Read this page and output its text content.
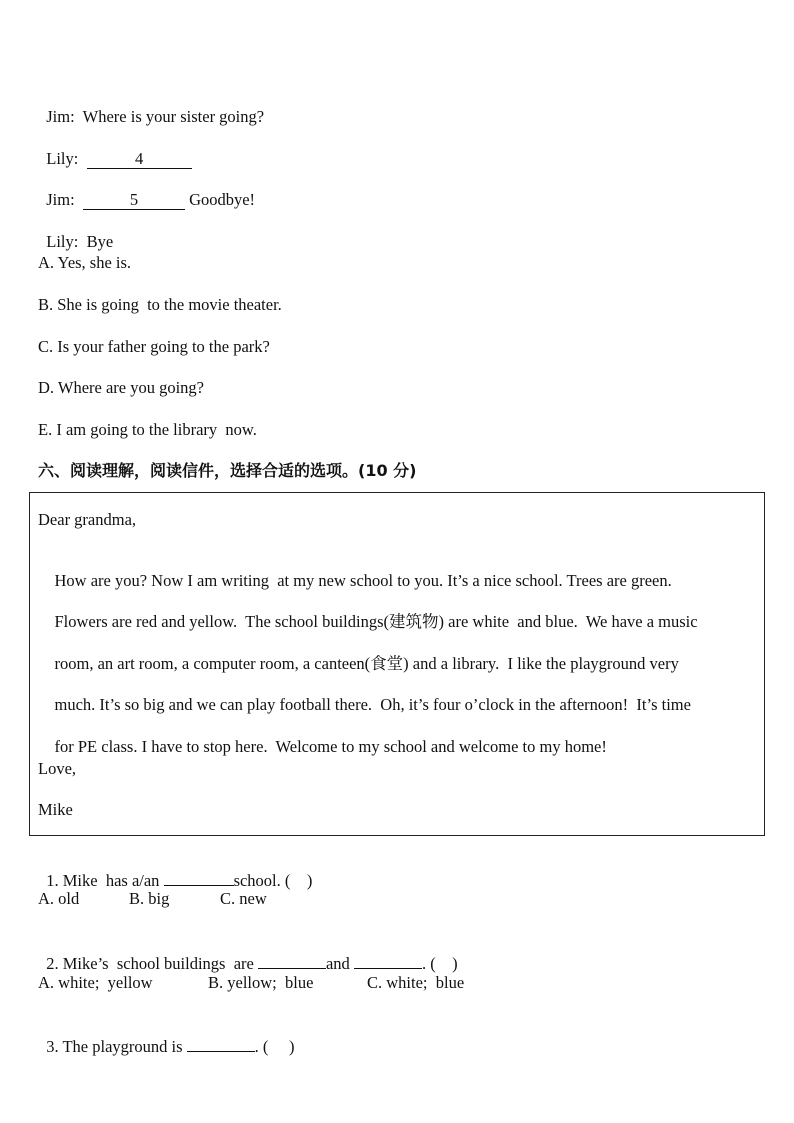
Jim: Where is your sister going?

Lily:	4

Jim:	5	Goodbye!

Lily: Bye

A. Yes, she is.
B. She is going  to the movie theater.
C. Is your father going to the park?
D. Where are you going?
E. I am going to the library  now.
六、阅读理解，阅读信件，选择合适的选项。(10 分)
Dear grandma,

How are you? Now I am writing  at my new school to you. It’s a nice school. Trees are green.

Flowers are red and yellow.  The school buildings(建筑物) are white  and blue.  We have a music

room, an art room, a computer room, a canteen(食堂) and a library.  I like the playground very

much. It’s so big and we can play football there.  Oh, it’s four o’clock in the afternoon!  It’s time

for PE class. I have to stop here.  Welcome to my school and welcome to my home!

Love,
Mike

1. Mike  has a/an	school. (    )

A. old	B. big	C. new

2. Mike’s  school buildings  are	and	. (    )

A. white;  yellow	B. yellow;  blue	C. white;  blue

3. The playground is	. (     )
